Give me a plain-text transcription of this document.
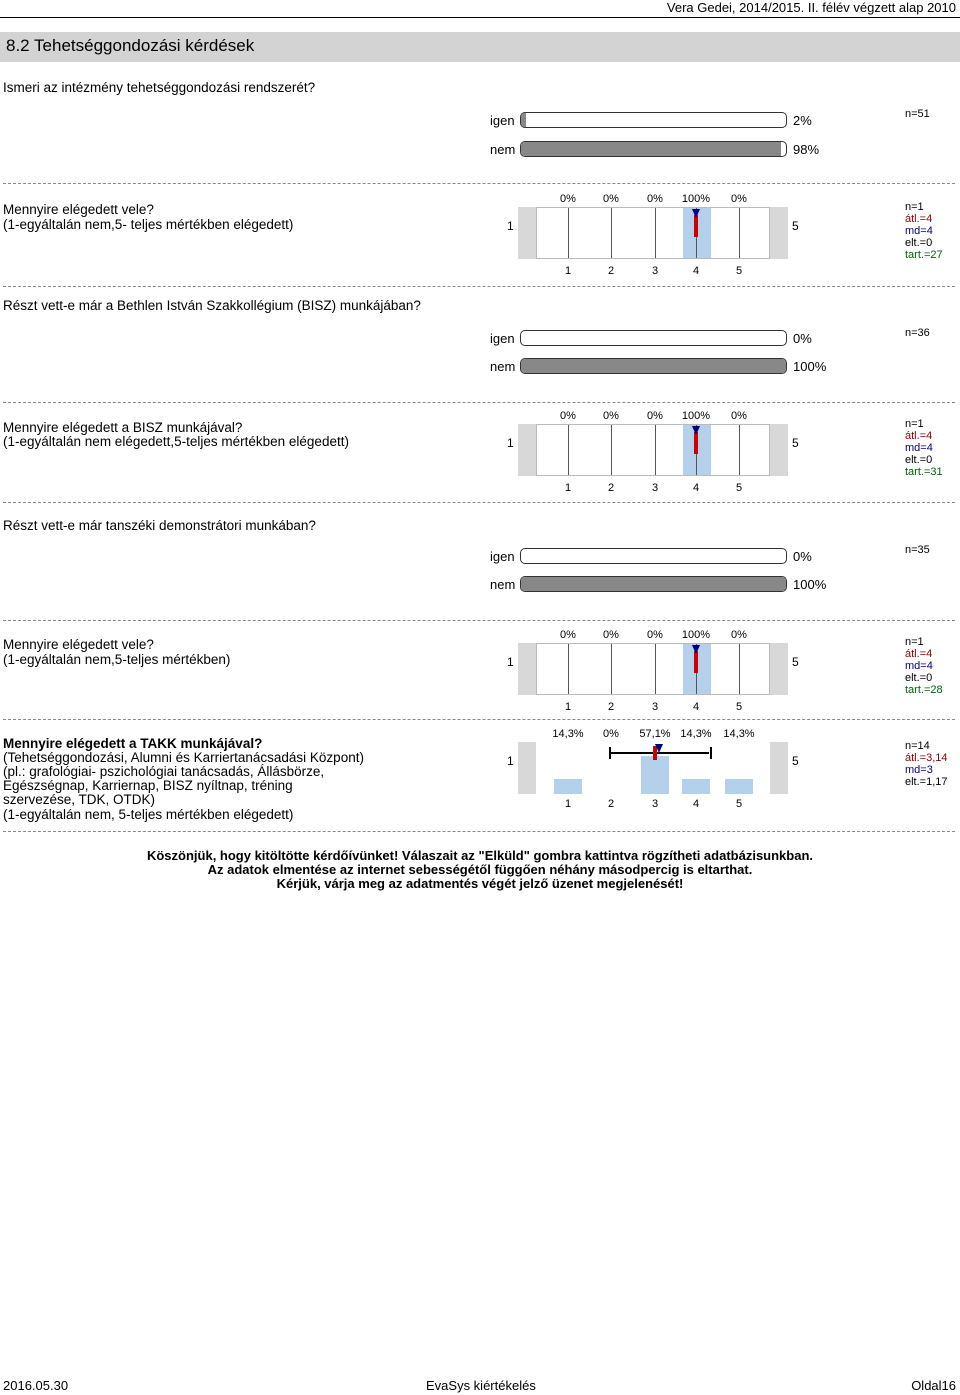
Vera Gedei, 2014/2015. II. félév végzett alap 2010
8.2 Tehetséggondozási kérdések
Ismeri az intézmény tehetséggondozási rendszerét?
igen	2%
nem	98%
n=51
Mennyire elégedett vele?
(1-egyáltalán nem,5- teljes mértékben elégedett)	1	5
0%
1
0%
2
0%
3
100%
4
0%
5
n=1
átl.=4
md=4
elt.=0
tart.=27
Részt vett-e már a Bethlen István Szakkollégium (BISZ) munkájában?
igen	0%
nem	100%
n=36
Mennyire elégedett a BISZ munkájával?
(1-egyáltalán nem elégedett,5-teljes mértékben elégedett)	1	5
0%
1
0%
2
0%
3
100%
4
0%
5
n=1
átl.=4
md=4
elt.=0
tart.=31
Részt vett-e már tanszéki demonstrátori munkában?
igen	0%
nem	100%
n=35
Mennyire elégedett vele?
(1-egyáltalán nem,5-teljes mértékben)	1	5
0%
1
0%
2
0%
3
100%
4
0%
5
n=1
átl.=4
md=4
elt.=0
tart.=28
Mennyire elégedett a TAKK munkájával?
(Tehetséggondozási, Alumni és Karriertanácsadási Központ)
(pl.: grafológiai- pszichológiai tanácsadás, Állásbörze,
Egészségnap, Karriernap, BISZ nyíltnap, tréning
szervezése, TDK, OTDK)
(1-egyáltalán nem, 5-teljes mértékben elégedett)
1	5
14,3%
1
0%
2
57,1%
3
14,3%
4
14,3%
5
n=14
átl.=3,14
md=3
elt.=1,17
Köszönjük, hogy kitöltötte kérdőívünket! Válaszait az "Elküld" gombra kattintva rögzítheti adatbázisunkban.
Az adatok elmentése az internet sebességétől függően néhány másodpercig is eltarthat.
Kérjük, várja meg az adatmentés végét jelző üzenet megjelenését!
2016.05.30	EvaSys kiértékelés	Oldal16
